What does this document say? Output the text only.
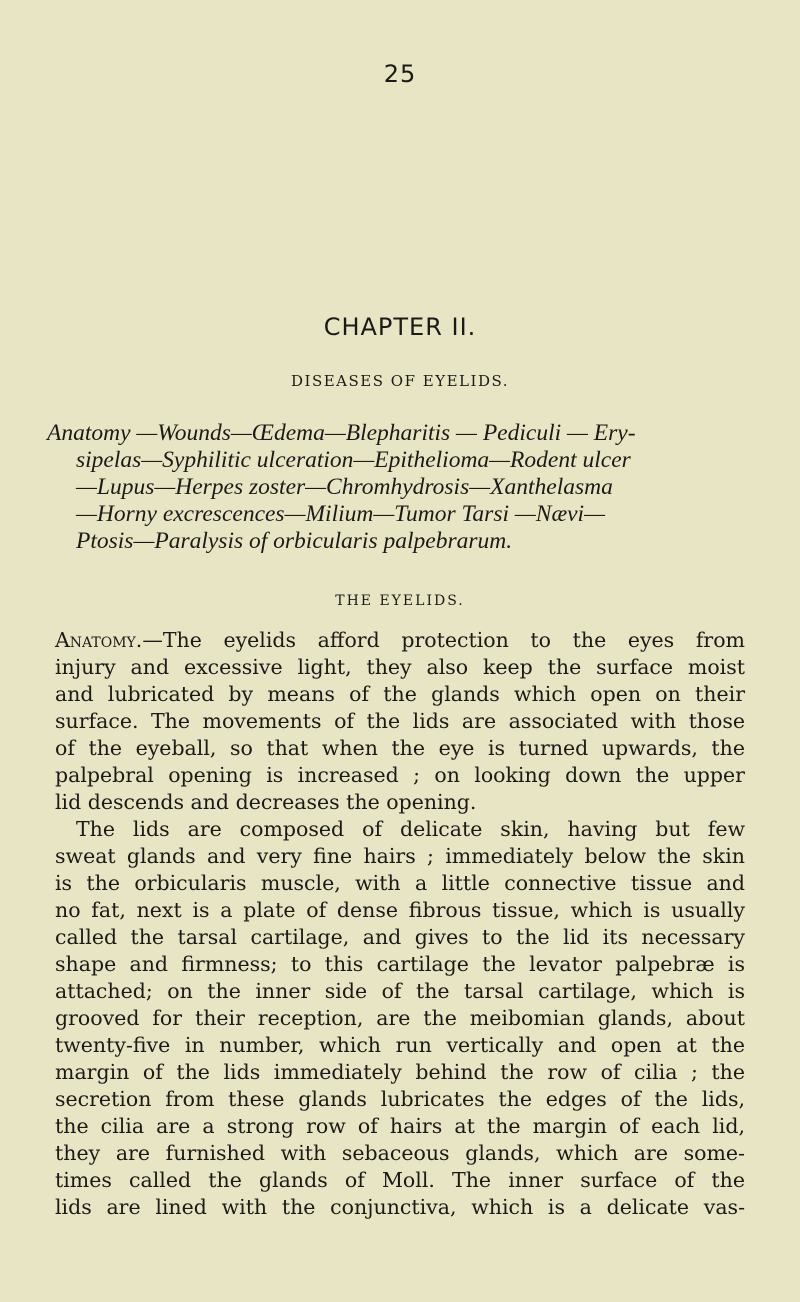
25
CHAPTER II.
DISEASES OF EYELIDS.
Anatomy —Wounds—Œdema—Blepharitis — Pediculi — Ery-
sipelas—Syphilitic ulceration—Epithelioma—Rodent ulcer
—Lupus—Herpes zoster—Chromhydrosis—Xanthelasma
—Horny excrescences—Milium—Tumor Tarsi —Nævi—
Ptosis—Paralysis of orbicularis palpebrarum.
THE EYELIDS.
Anatomy.—The eyelids afford protection to the eyes from
injury and excessive light, they also keep the surface moist
and lubricated by means of the glands which open on their
surface. The movements of the lids are associated with those
of the eyeball, so that when the eye is turned upwards, the
palpebral opening is increased ; on looking down the upper
lid descends and decreases the opening.
The lids are composed of delicate skin, having but few
sweat glands and very fine hairs ; immediately below the skin
is the orbicularis muscle, with a little connective tissue and
no fat, next is a plate of dense fibrous tissue, which is usually
called the tarsal cartilage, and gives to the lid its necessary
shape and firmness; to this cartilage the levator palpebræ is
attached; on the inner side of the tarsal cartilage, which is
grooved for their reception, are the meibomian glands, about
twenty-five in number, which run vertically and open at the
margin of the lids immediately behind the row of cilia ; the
secretion from these glands lubricates the edges of the lids,
the cilia are a strong row of hairs at the margin of each lid,
they are furnished with sebaceous glands, which are some-
times called the glands of Moll. The inner surface of the
lids are lined with the conjunctiva, which is a delicate vas-
